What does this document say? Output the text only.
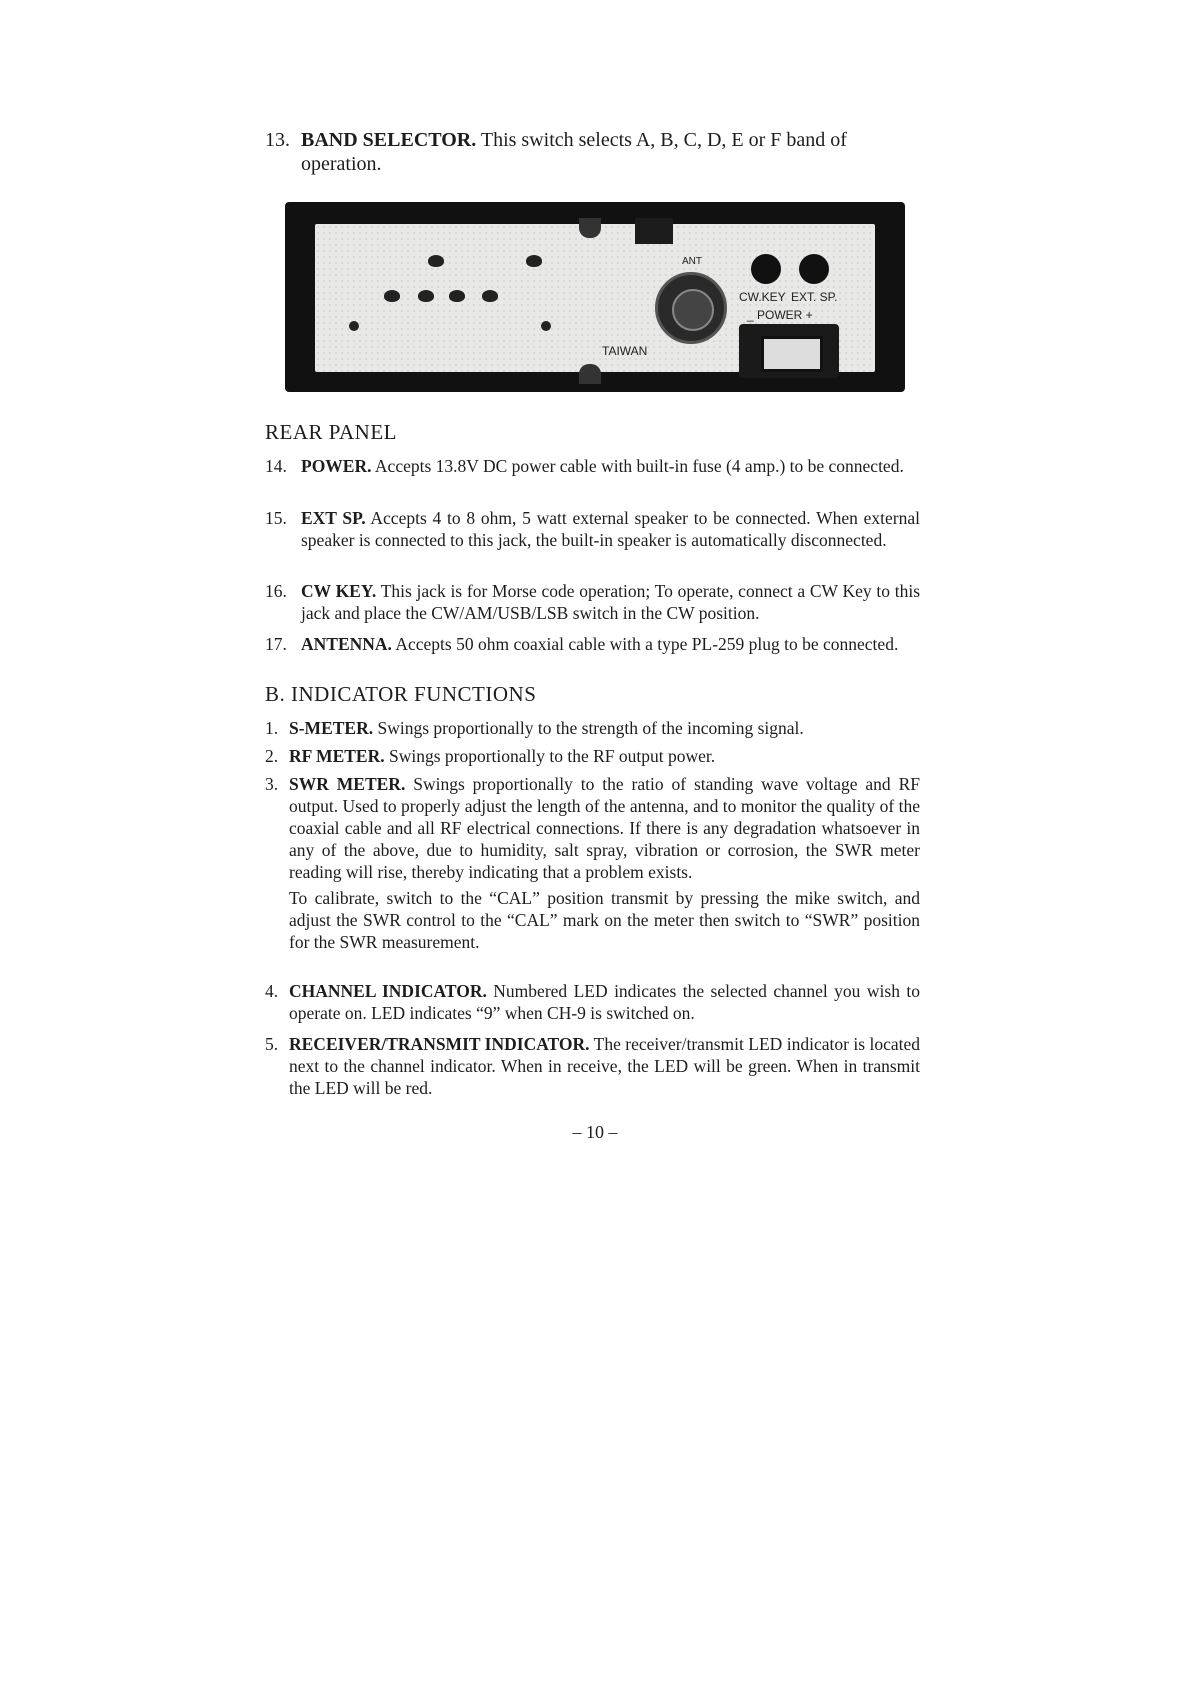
13. BAND SELECTOR. This switch selects A, B, C, D, E or F band of operation.
ANT
CW.KEY EXT. SP.
_ POWER +
TAIWAN
REAR PANEL
14. POWER. Accepts 13.8V DC power cable with built-in fuse (4 amp.) to be connected.
15. EXT SP. Accepts 4 to 8 ohm, 5 watt external speaker to be connected. When external speaker is connected to this jack, the built-in speaker is automatically disconnected.
16. CW KEY. This jack is for Morse code operation; To operate, connect a CW Key to this jack and place the CW/AM/USB/LSB switch in the CW position.
17. ANTENNA. Accepts 50 ohm coaxial cable with a type PL-259 plug to be connected.
B. INDICATOR FUNCTIONS
1. S-METER. Swings proportionally to the strength of the incoming signal.
2. RF METER. Swings proportionally to the RF output power.
3. SWR METER. Swings proportionally to the ratio of standing wave voltage and RF output. Used to properly adjust the length of the antenna, and to monitor the quality of the coaxial cable and all RF electrical connections. If there is any degradation whatsoever in any of the above, due to humidity, salt spray, vibration or corrosion, the SWR meter reading will rise, thereby indicating that a problem exists.
To calibrate, switch to the “CAL” position transmit by pressing the mike switch, and adjust the SWR control to the “CAL” mark on the meter then switch to “SWR” position for the SWR measurement.
4. CHANNEL INDICATOR. Numbered LED indicates the selected channel you wish to operate on. LED indicates “9” when CH-9 is switched on.
5. RECEIVER/TRANSMIT INDICATOR. The receiver/transmit LED indicator is located next to the channel indicator. When in receive, the LED will be green. When in transmit the LED will be red.
– 10 –
